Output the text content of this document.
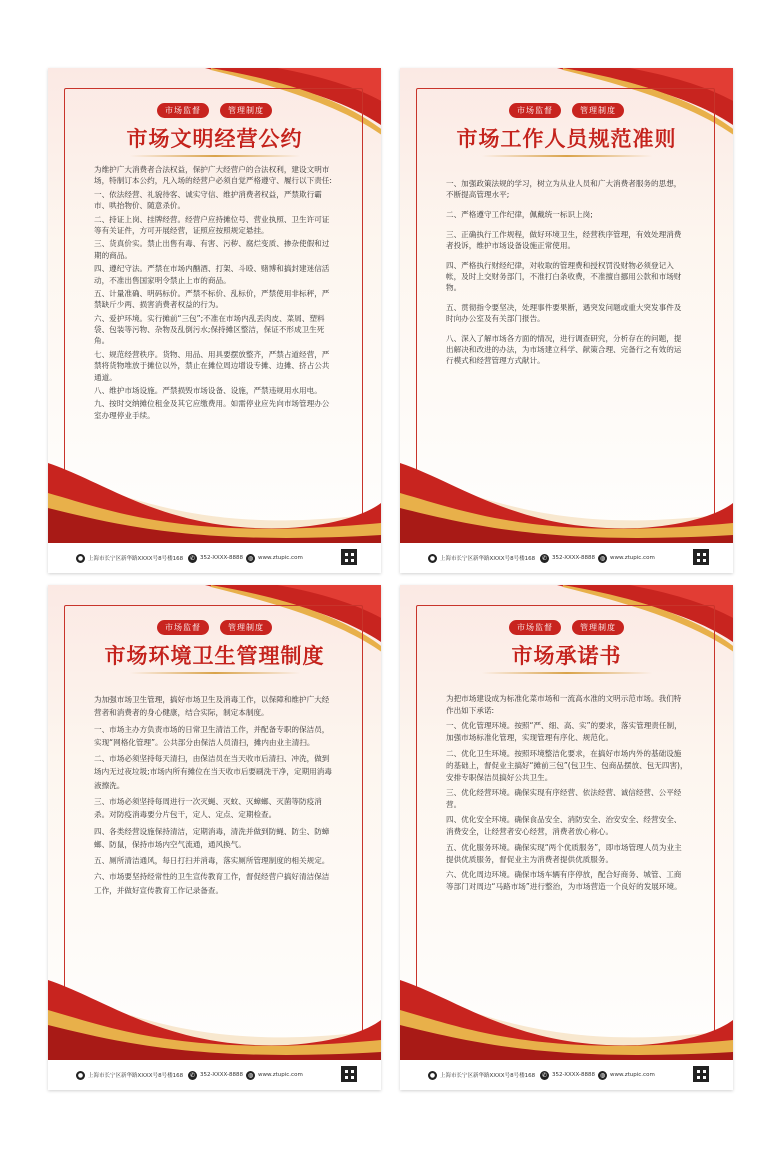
市场监督	管理制度
市场文明经营公约

为维护广大消费者合法权益，保护广大经营户的合法权利，建设文明市场，特制订本公约，凡入场的经营户必须自觉严格遵守、履行以下责任:

一、依法经营、礼貌待客、诚实守信、维护消费者权益，严禁欺行霸市、哄抬物价、随意杀价。

二、持证上岗、挂牌经营。经营户应持摊位号、营业执照、卫生许可证等有关证件，方可开展经营，证照应按照规定悬挂。

三、货真价实。禁止出售有毒、有害、污秽、腐烂变质、掺杂使假和过期的商品。

四、遵纪守法。严禁在市场内酗酒、打架、斗殴、赌博和搞封建迷信活动，不准出售国家明令禁止上市的商品。

五、计量准确、明码标价。严禁不标价、乱标价，严禁使用非标秤，严禁缺斤少两、损害消费者权益的行为。

六、爱护环境。实行摊前“三包”;不准在市场内乱丢肉皮、菜屑、塑料袋、包装等污物、杂物及乱倒污水;保持摊区整洁，保证不形成卫生死角。

七、规范经营秩序。货物、用品、用具要摆放整齐，严禁占道经营，严禁将货物堆放于摊位以外，禁止在摊位周边增设专摊、边摊、挤占公共通道。

八、维护市场设施。严禁损毁市场设备、设施，严禁违规用水用电。

九、按时交纳摊位租金及其它应缴费用。如需停业应先向市场管理办公室办理停业手续。

● 上海市长宁区新华路XXXX号8号楼168	✆ 352-XXXX-8888 ◍ www.ztupic.com
市场监督	管理制度
市场工作人员规范准则

一、加强政策法规的学习，树立为从业人员和广大消费者服务的思想，不断提高管理水平;

二、严格遵守工作纪律，佩戴统一标识上岗;

三、正确执行工作规程，做好环境卫生，经营秩序管理，有效处理消费者投诉，维护市场设备设施正常使用。

四、严格执行财经纪律，对收取的管理费和授权罚没财物必须登记入帐，及时上交财务部门，不准打白条收费，不准擅自挪用公款和市场财物。

五、贯彻指令要坚决，处理事件要果断，遇突发问题或重大突发事件及时向办公室及有关部门报告。

八、深入了解市场各方面的情况，进行调查研究，分析存在的问题，提出解决和改进的办法，为市场建立科学、献策合理、完备行之有效的运行模式和经营管理方式献计。

● 上海市长宁区新华路XXXX号8号楼168	✆ 352-XXXX-8888 ◍ www.ztupic.com
市场监督	管理制度
市场环境卫生管理制度

为加强市场卫生管理，搞好市场卫生及消毒工作，以保障和维护广大经营者和消费者的身心健康，结合实际，制定本制度。

一、市场主办方负责市场的日常卫生清洁工作，并配备专职的保洁员，实现“网格化管理”。公共部分由保洁人员清扫，摊内由业主清扫。

二、市场必须坚持每天清扫，由保洁员在当天收市后清扫、冲洗，做到场内无过夜垃圾;市场内所有摊位在当天收市后要刷洗干净，定期用消毒液擦洗。

三、市场必须坚持每周进行一次灭蝇、灭蚊、灭蟑螂、灭菌等防疫消杀。对防疫消毒要分片包干，定人、定点、定期检查。

四、各类经营设施保持清洁，定期消毒，清洗并做到防蝇、防尘、防蟑螂、防鼠，保持市场内空气流通，通风换气。

五、厕所清洁通风，每日打扫并消毒，落实厕所管理制度的相关规定。

六、市场要坚持经常性的卫生宣传教育工作，督促经营户搞好清洁保洁工作，并做好宣传教育工作记录备查。

● 上海市长宁区新华路XXXX号8号楼168	✆ 352-XXXX-8888 ◍ www.ztupic.com
市场监督	管理制度
市场承诺书

为把市场建设成为标准化菜市场和一流高水准的文明示范市场。我们特作出如下承诺:

一、优化管理环境。按照“严、细、高、实”的要求，落实管理责任制，加强市场标准化管理，实现管理有序化、规范化。

二、优化卫生环境。按照环境整洁化要求，在搞好市场内外的基础设施的基础上，督促业主搞好“摊前三包”(包卫生、包商品摆放、包无四害)，安排专职保洁员搞好公共卫生。

三、优化经营环境。确保实现有序经营、依法经营、诚信经营、公平经营。

四、优化安全环境。确保食品安全、消防安全、治安安全、经营安全、消费安全，让经营者安心经营，消费者放心称心。

五、优化服务环境。确保实现“两个优质服务”，即市场管理人员为业主提供优质服务，督促业主为消费者提供优质服务。

六、优化周边环境。确保市场车辆有序停放，配合好商务、城管、工商等部门对周边“马路市场”进行整治，为市场营造一个良好的发展环境。

● 上海市长宁区新华路XXXX号8号楼168	✆ 352-XXXX-8888 ◍ www.ztupic.com
